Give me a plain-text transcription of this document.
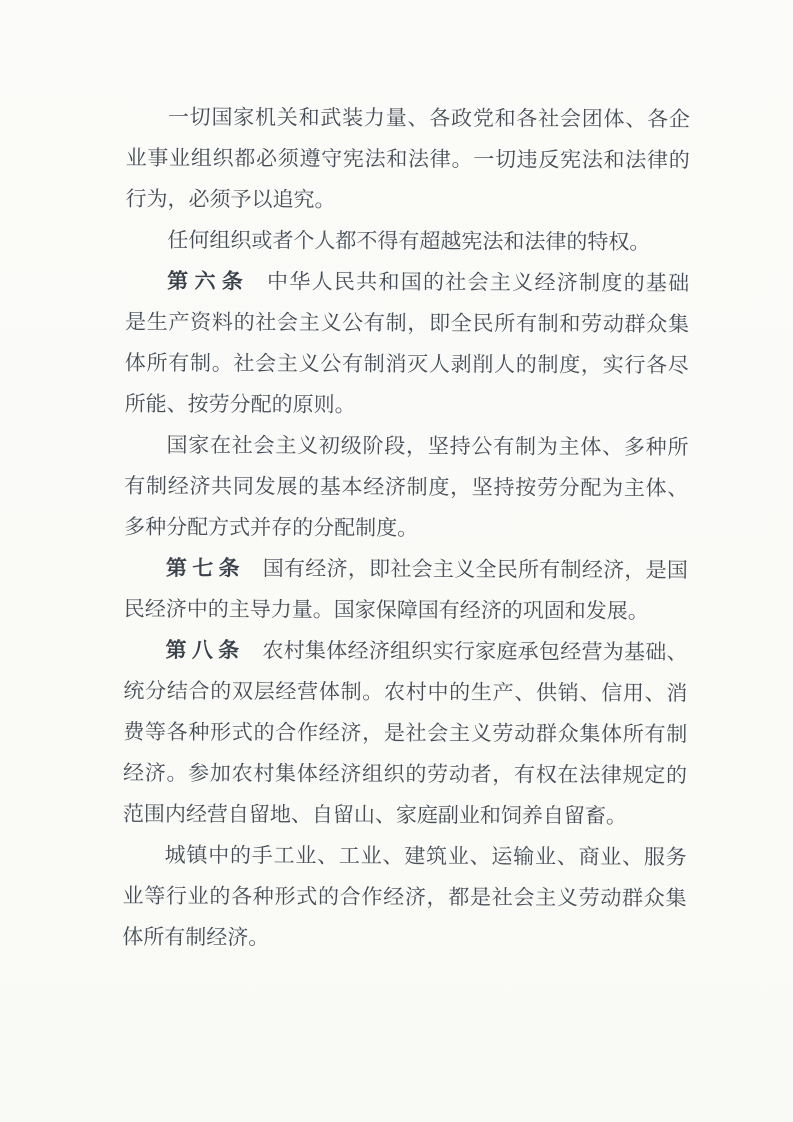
一切国家机关和武装力量、各政党和各社会团体、各企
业事业组织都必须遵守宪法和法律。一切违反宪法和法律的
行为，必须予以追究。
任何组织或者个人都不得有超越宪法和法律的特权。
第六条 中华人民共和国的社会主义经济制度的基础
是生产资料的社会主义公有制，即全民所有制和劳动群众集
体所有制。社会主义公有制消灭人剥削人的制度，实行各尽
所能、按劳分配的原则。
国家在社会主义初级阶段，坚持公有制为主体、多种所
有制经济共同发展的基本经济制度，坚持按劳分配为主体、
多种分配方式并存的分配制度。
第七条 国有经济，即社会主义全民所有制经济，是国
民经济中的主导力量。国家保障国有经济的巩固和发展。
第八条 农村集体经济组织实行家庭承包经营为基础、
统分结合的双层经营体制。农村中的生产、供销、信用、消
费等各种形式的合作经济，是社会主义劳动群众集体所有制
经济。参加农村集体经济组织的劳动者，有权在法律规定的
范围内经营自留地、自留山、家庭副业和饲养自留畜。
城镇中的手工业、工业、建筑业、运输业、商业、服务
业等行业的各种形式的合作经济，都是社会主义劳动群众集
体所有制经济。
